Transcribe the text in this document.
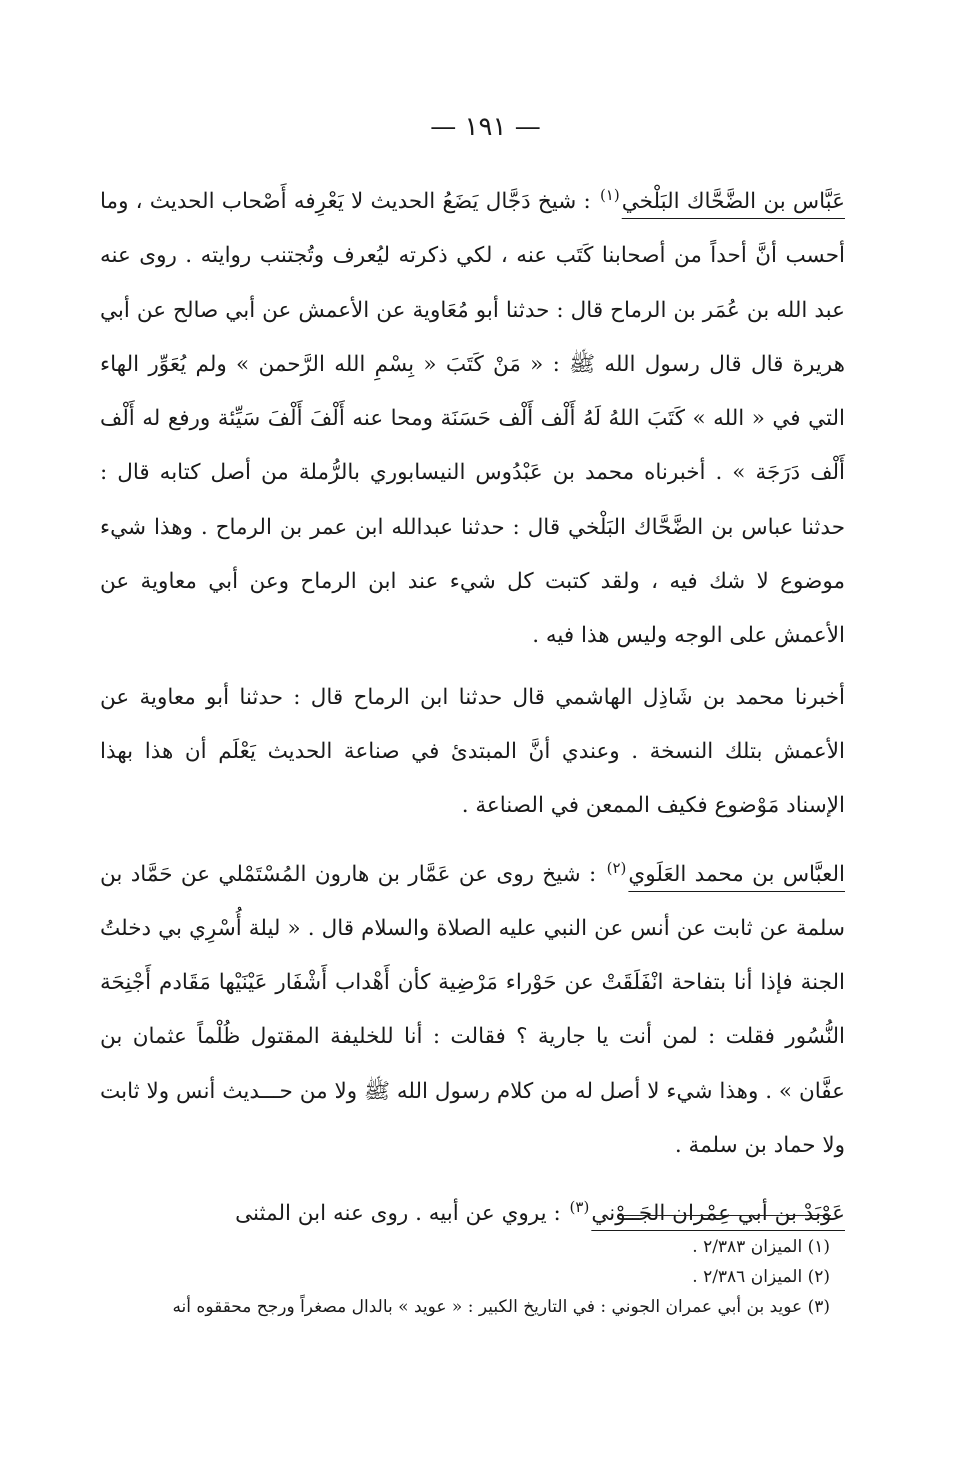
— ١٩١ —

عَبَّاس بن الضَّحَّاك البَلْخي$^{(١)}$ : شيخ دَجَّال يَضَعُ الحديث لا يَعْرِفه أَصْحاب الحديث ، وما أحسب أنَّ أحداً من أصحابنا كَتَب عنه ، لكي ذكرته ليُعرف وتُجتنب روايته . روى عنه عبد الله بن عُمَر بن الرماح قال : حدثنا أبو مُعَاوية عن الأعمش عن أبي صالح عن أبي هريرة قال قال رسول الله ﷺ : « مَنْ كَتَبَ « بِسْمِ الله الرَّحمن » ولم يُعَوِّر الهاء التي في « الله » كَتَبَ اللهُ لَهُ أَلْف أَلْف حَسَنَة ومحا عنه أَلْفَ أَلْفَ سَيِّئة ورفع له أَلْف أَلْف دَرَجَة » . أخبرناه محمد بن عَبْدُوس النيسابوري بالرُّملة من أصل كتابه قال : حدثنا عباس بن الضَّحَّاك البَلْخي قال : حدثنا عبدالله ابن عمر بن الرماح . وهذا شيء موضوع لا شك فيه ، ولقد كتبت كل شيء عند ابن الرماح وعن أبي معاوية عن الأعمش على الوجه وليس هذا فيه .

أخبرنا محمد بن شَاذِل الهاشمي قال حدثنا ابن الرماح قال : حدثنا أبو معاوية عن الأعمش بتلك النسخة . وعندي أنَّ المبتدئ في صناعة الحديث يَعْلَم أن هذا بهذا الإسناد مَوْضوع فكيف الممعن في الصناعة .

العبَّاس بن محمد العَلَوي$^{(٢)}$ : شيخ روى عن عَمَّار بن هارون المُسْتَمْلي عن حَمَّاد بن سلمة عن ثابت عن أنس عن النبي عليه الصلاة والسلام قال . « ليلة أُسْرِي بي دخلتُ الجنة فإذا أنا بتفاحة انْفَلَقَتْ عن حَوْراء مَرْضِية كأن أَهْداب أَشْفَار عَيْنَيْها مَقَادم أَجْنِحَة النُّسُور فقلت : لمن أنت يا جارية ؟ فقالت : أنا للخليفة المقتول ظُلْماً عثمان بن عفَّان » . وهذا شيء لا أصل له من كلام رسول الله ﷺ ولا من حـــديث أنس ولا ثابت ولا حماد بن سلمة .

عَوْبَدْ بن أبي عِمْران الجَــوْني$^{(٣)}$ : يروي عن أبيه . روى عنه ابن المثنى

(١) الميزان ٢/٣٨٣ .

(٢) الميزان ٢/٣٨٦ .

(٣) عويد بن أبي عمران الجوني : في التاريخ الكبير : « عويد » بالدال مصغراً ورجح محققوه أنه
